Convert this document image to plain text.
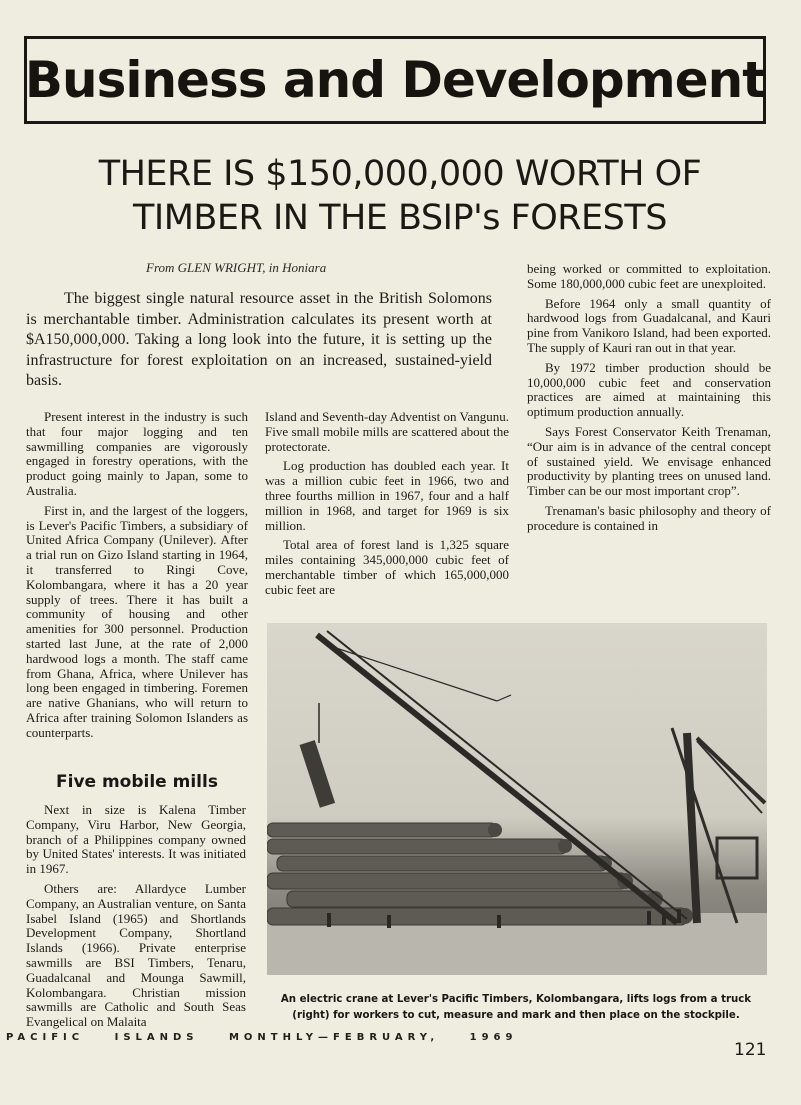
Business and Development
THERE IS $150,000,000 WORTH OF
TIMBER IN THE BSIP's FORESTS
From GLEN WRIGHT, in Honiara

The biggest single natural resource asset in the British Solomons is merchantable timber. Administration calculates its present worth at $A150,000,000. Taking a long look into the future, it is setting up the infrastructure for forest exploitation on an increased, sustained-yield basis.

Present interest in the industry is such that four major logging and ten sawmilling companies are vigorously engaged in forestry operations, with the product going mainly to Japan, some to Australia.

First in, and the largest of the loggers, is Lever's Pacific Timbers, a subsidiary of United Africa Company (Unilever). After a trial run on Gizo Island starting in 1964, it transferred to Ringi Cove, Kolombangara, where it has a 20 year supply of trees. There it has built a community of housing and other amenities for 300 personnel. Production started last June, at the rate of 2,000 hardwood logs a month. The staff came from Ghana, Africa, where Unilever has long been engaged in timbering. Foremen are native Ghanians, who will return to Africa after training Solomon Islanders as counterparts.

Five mobile mills

Next in size is Kalena Timber Company, Viru Harbor, New Georgia, branch of a Philippines company owned by United States' interests. It was initiated in 1967.

Others are: Allardyce Lumber Company, an Australian venture, on Santa Isabel Island (1965) and Shortlands Development Company, Shortland Islands (1966). Private enterprise sawmills are BSI Timbers, Tenaru, Guadalcanal and Mounga Sawmill, Kolombangara. Christian mission sawmills are Catholic and South Seas Evangelical on Malaita

Island and Seventh-day Adventist on Vangunu. Five small mobile mills are scattered about the protectorate.

Log production has doubled each year. It was a million cubic feet in 1966, two and three fourths million in 1967, four and a half million in 1968, and target for 1969 is six million.

Total area of forest land is 1,325 square miles containing 345,000,000 cubic feet of merchantable timber of which 165,000,000 cubic feet are

being worked or committed to exploitation. Some 180,000,000 cubic feet are unexploited.

Before 1964 only a small quantity of hardwood logs from Guadalcanal, and Kauri pine from Vanikoro Island, had been exported. The supply of Kauri ran out in that year.

By 1972 timber production should be 10,000,000 cubic feet and conservation practices are aimed at maintaining this optimum production annually.

Says Forest Conservator Keith Trenaman, “Our aim is in advance of the central concept of sustained yield. We envisage enhanced productivity by planting trees on unused land. Timber can be our most important crop”.

Trenaman's basic philosophy and theory of procedure is contained in

An electric crane at Lever's Pacific Timbers, Kolombangara, lifts logs from a truck
(right) for workers to cut, measure and mark and then place on the stockpile.
PACIFIC	ISLANDS	MONTHLY—FEBRUARY,	1969
121
